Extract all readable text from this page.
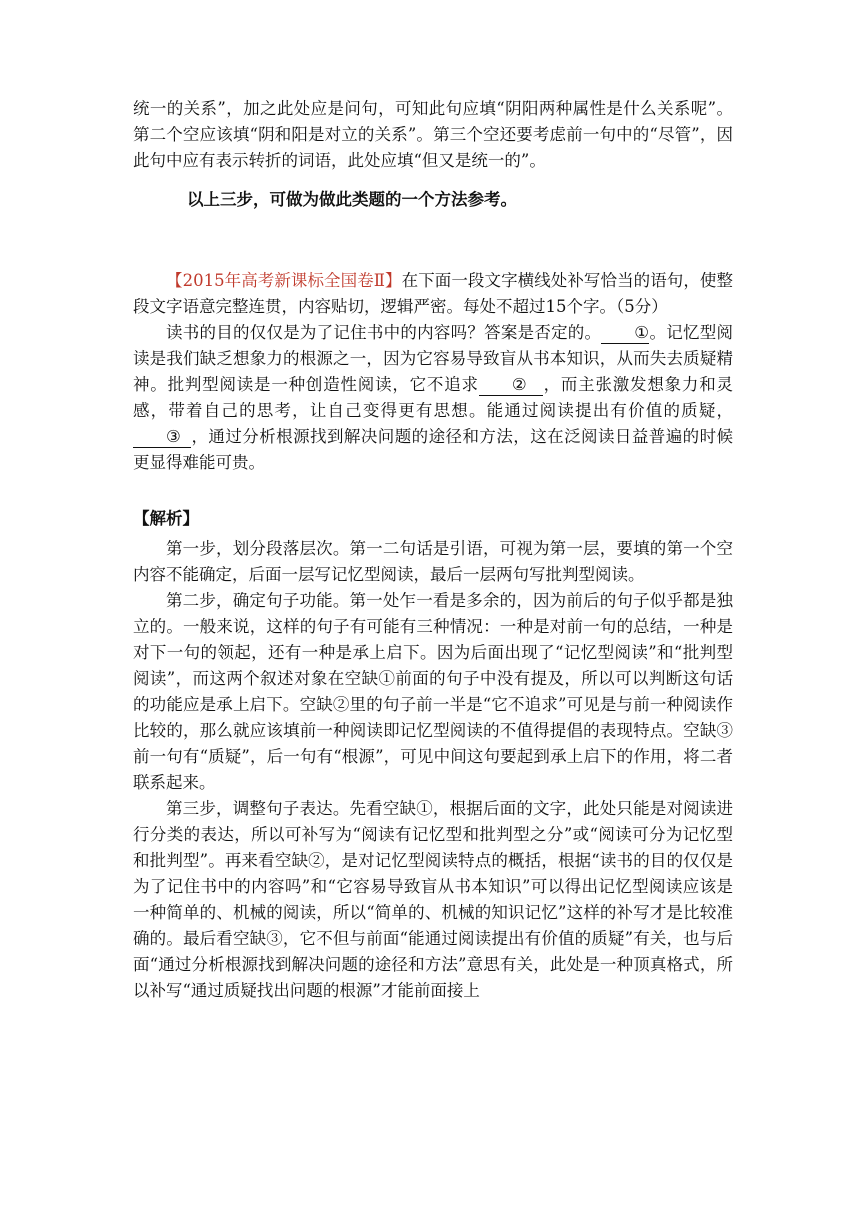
统一的关系”，加之此处应是问句，可知此句应填“阴阳两种属性是什么关系呢”。第二个空应该填“阴和阳是对立的关系”。第三个空还要考虑前一句中的“尽管”，因此句中应有表示转折的词语，此处应填“但又是统一的”。

以上三步，可做为做此类题的一个方法参考。

【2015年高考新课标全国卷Ⅱ】在下面一段文字横线处补写恰当的语句，使整段文字语意完整连贯，内容贴切，逻辑严密。每处不超过15个字。（5分）

读书的目的仅仅是为了记住书中的内容吗？答案是否定的。 ①。记忆型阅读是我们缺乏想象力的根源之一，因为它容易导致盲从书本知识，从而失去质疑精神。批判型阅读是一种创造性阅读，它不追求 ② ，而主张激发想象力和灵感，带着自己的思考，让自己变得更有思想。能通过阅读提出有价值的质疑，③ ，通过分析根源找到解决问题的途径和方法，这在泛阅读日益普遍的时候更显得难能可贵。

【解析】

第一步，划分段落层次。第一二句话是引语，可视为第一层，要填的第一个空内容不能确定，后面一层写记忆型阅读，最后一层两句写批判型阅读。

第二步，确定句子功能。第一处乍一看是多余的，因为前后的句子似乎都是独立的。一般来说，这样的句子有可能有三种情况：一种是对前一句的总结，一种是对下一句的领起，还有一种是承上启下。因为后面出现了“记忆型阅读”和“批判型阅读”，而这两个叙述对象在空缺①前面的句子中没有提及，所以可以判断这句话的功能应是承上启下。空缺②里的句子前一半是“它不追求”可见是与前一种阅读作比较的，那么就应该填前一种阅读即记忆型阅读的不值得提倡的表现特点。空缺③前一句有“质疑”，后一句有“根源”，可见中间这句要起到承上启下的作用，将二者联系起来。

第三步，调整句子表达。先看空缺①，根据后面的文字，此处只能是对阅读进行分类的表达，所以可补写为“阅读有记忆型和批判型之分”或“阅读可分为记忆型和批判型”。再来看空缺②，是对记忆型阅读特点的概括，根据“读书的目的仅仅是为了记住书中的内容吗”和“它容易导致盲从书本知识”可以得出记忆型阅读应该是一种简单的、机械的阅读，所以“简单的、机械的知识记忆”这样的补写才是比较准确的。最后看空缺③，它不但与前面“能通过阅读提出有价值的质疑”有关，也与后面“通过分析根源找到解决问题的途径和方法”意思有关，此处是一种顶真格式，所以补写“通过质疑找出问题的根源”才能前面接上
